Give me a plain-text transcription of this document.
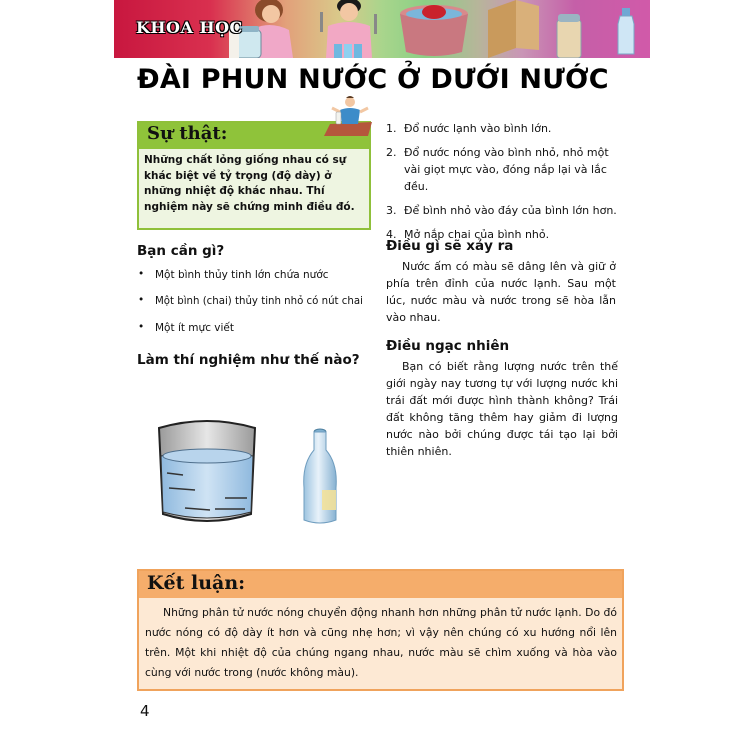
KHOA HỌC
ĐÀI PHUN NƯỚC Ở DƯỚI NƯỚC
Sự thật:
Những chất lỏng giống nhau có sự khác biệt về tỷ trọng (độ dày) ở những nhiệt độ khác nhau. Thí nghiệm này sẽ chứng minh điều đó.
Bạn cần gì?
• Một bình thủy tinh lớn chứa nước
• Một bình (chai) thủy tinh nhỏ có nút chai
• Một ít mực viết
Làm thí nghiệm như thế nào?
1. Đổ nước lạnh vào bình lớn.
2. Đổ nước nóng vào bình nhỏ, nhỏ một vài giọt mực vào, đóng nắp lại và lắc đều.
3. Để bình nhỏ vào đáy của bình lớn hơn.
4. Mở nắp chai của bình nhỏ.
Điều gì sẽ xảy ra

Nước ấm có màu sẽ dâng lên và giữ ở phía trên đỉnh của nước lạnh. Sau một lúc, nước màu và nước trong sẽ hòa lẫn vào nhau.

Điều ngạc nhiên

Bạn có biết rằng lượng nước trên thế giới ngày nay tương tự với lượng nước khi trái đất mới được hình thành không? Trái đất không tăng thêm hay giảm đi lượng nước nào bởi chúng được tái tạo lại bởi thiên nhiên.

Kết luận:
Những phân tử nước nóng chuyển động nhanh hơn những phân tử nước lạnh. Do đó nước nóng có độ dày ít hơn và cũng nhẹ hơn; vì vậy nên chúng có xu hướng nổi lên trên. Một khi nhiệt độ của chúng ngang nhau, nước màu sẽ chìm xuống và hòa vào cùng với nước trong (nước không màu).
4
